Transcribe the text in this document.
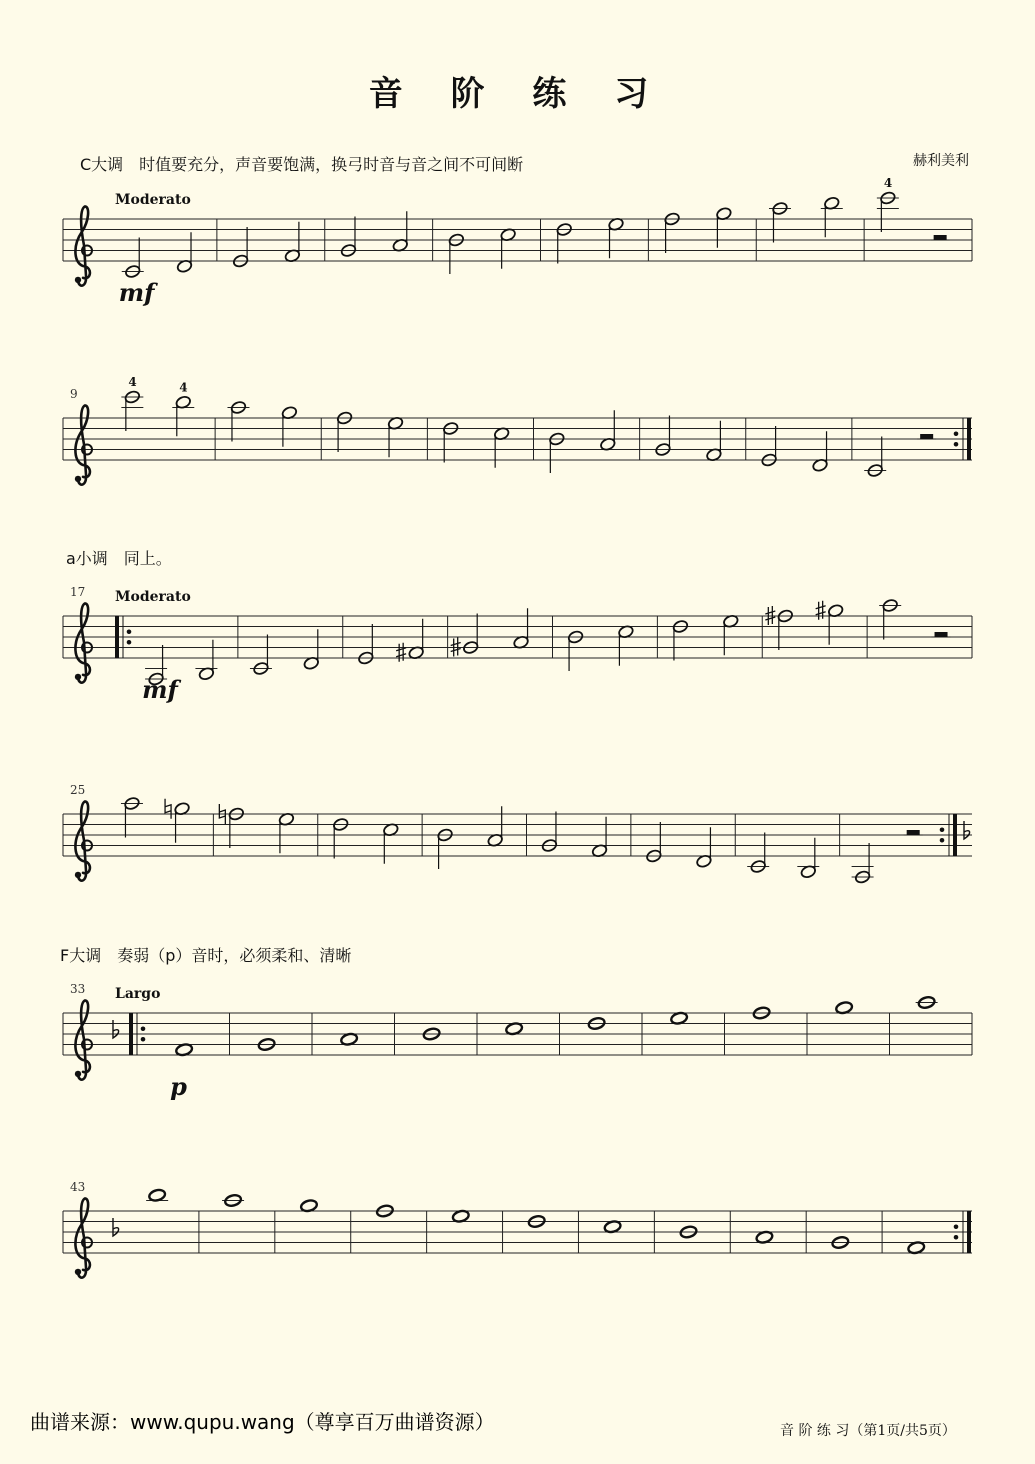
音 阶 练 习
C大调　时值要充分，声音要饱满，换弓时音与音之间不可间断	赫利美利
a小调　同上。
F大调　奏弱（p）音时，必须柔和、清晰
Moderato
mf
4
9
4	4
17 Moderato
mf
25
33 Largo
p
43
曲谱来源：www.qupu.wang（尊享百万曲谱资源）	音 阶 练 习（第1页/共5页）
